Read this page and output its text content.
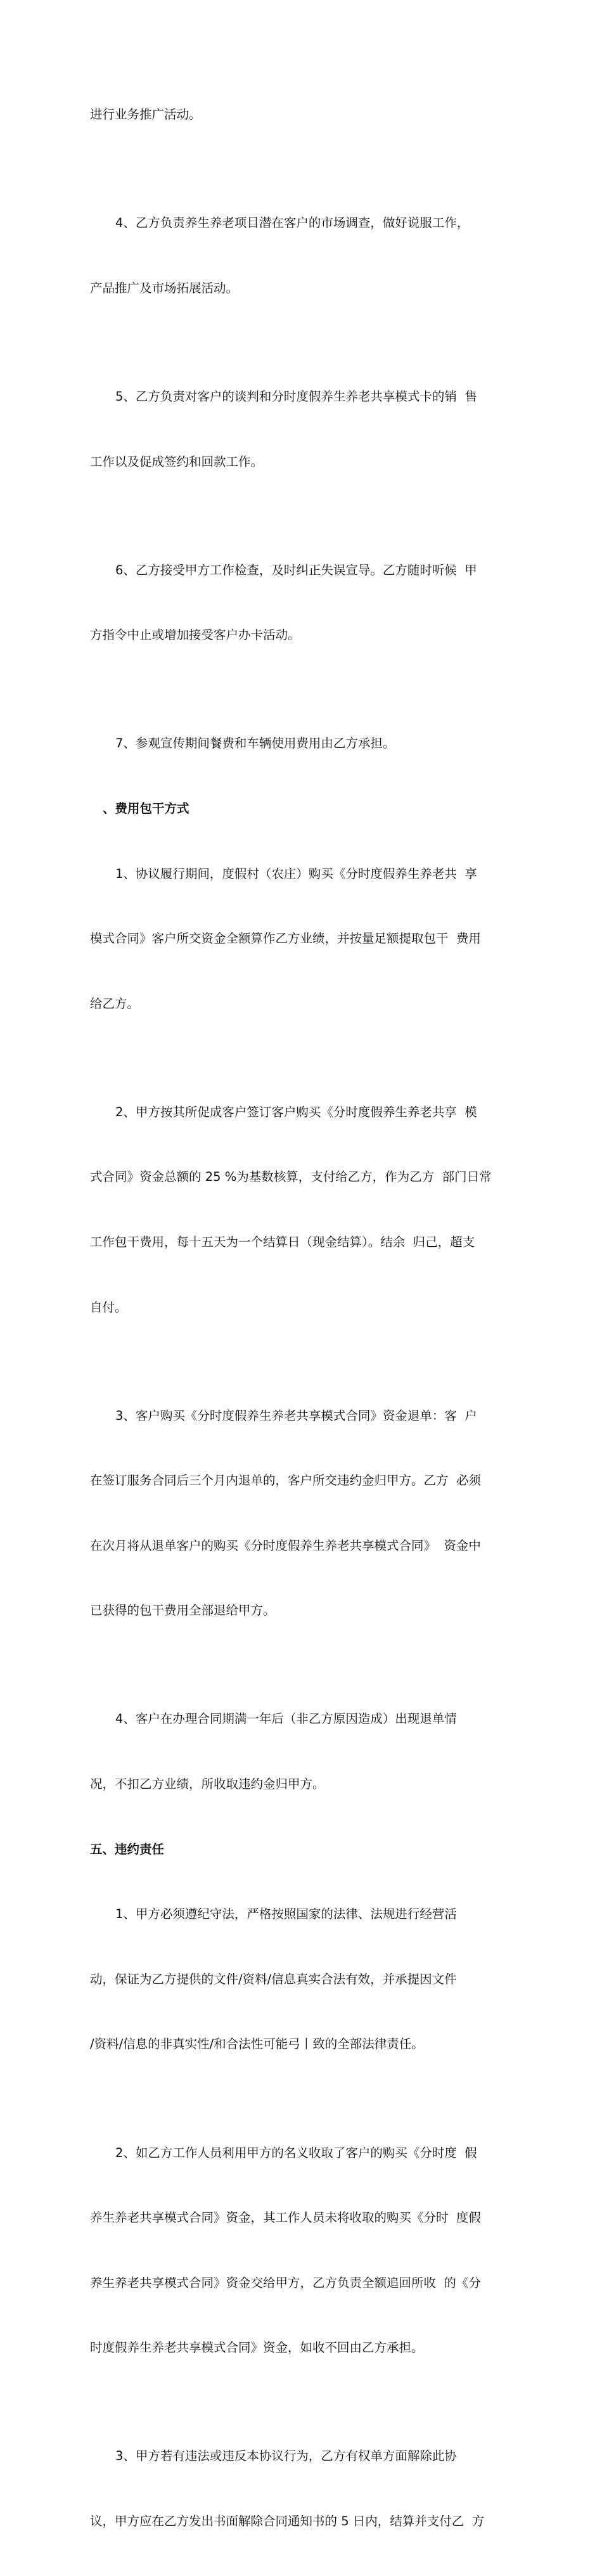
进行业务推广活动。

4、乙方负责养生养老项目潜在客户的市场调查，做好说服工作，

产品推广及市场拓展活动。

5、乙方负责对客户的谈判和分时度假养生养老共享模式卡的销  售

工作以及促成签约和回款工作。

6、乙方接受甲方工作检查，及时纠正失误宣导。乙方随时听候  甲

方指令中止或增加接受客户办卡活动。

7、参观宣传期间餐费和车辆使用费用由乙方承担。

、费用包干方式

1、协议履行期间，度假村（农庄）购买《分时度假养生养老共  享

模式合同》客户所交资金全额算作乙方业绩，并按量足额提取包干  费用

给乙方。

2、甲方按其所促成客户签订客户购买《分时度假养生养老共享  模

式合同》资金总额的 25 %为基数核算，支付给乙方，作为乙方  部门日常

工作包干费用，每十五天为一个结算日（现金结算）。结余  归己，超支

自付。

3、客户购买《分时度假养生养老共享模式合同》资金退单：客  户

在签订服务合同后三个月内退单的，客户所交违约金归甲方。乙方  必须

在次月将从退单客户的购买《分时度假养生养老共享模式合同》  资金中

已获得的包干费用全部退给甲方。

4、客户在办理合同期满一年后（非乙方原因造成）出现退单情

况，不扣乙方业绩，所收取违约金归甲方。

五、违约责任

1、甲方必须遵纪守法，严格按照国家的法律、法规进行经营活

动，保证为乙方提供的文件/资料/信息真实合法有效，并承提因文件

/资料/信息的非真实性/和合法性可能弓丨致的全部法律责任。

2、如乙方工作人员利用甲方的名义收取了客户的购买《分时度  假

养生养老共享模式合同》资金，其工作人员未将收取的购买《分时  度假

养生养老共享模式合同》资金交给甲方，乙方负责全额追回所收  的《分

时度假养生养老共享模式合同》资金，如收不回由乙方承担。

3、甲方若有违法或违反本协议行为，乙方有权单方面解除此协

议，甲方应在乙方发出书面解除合同通知书的 5 日内，结算并支付乙  方
